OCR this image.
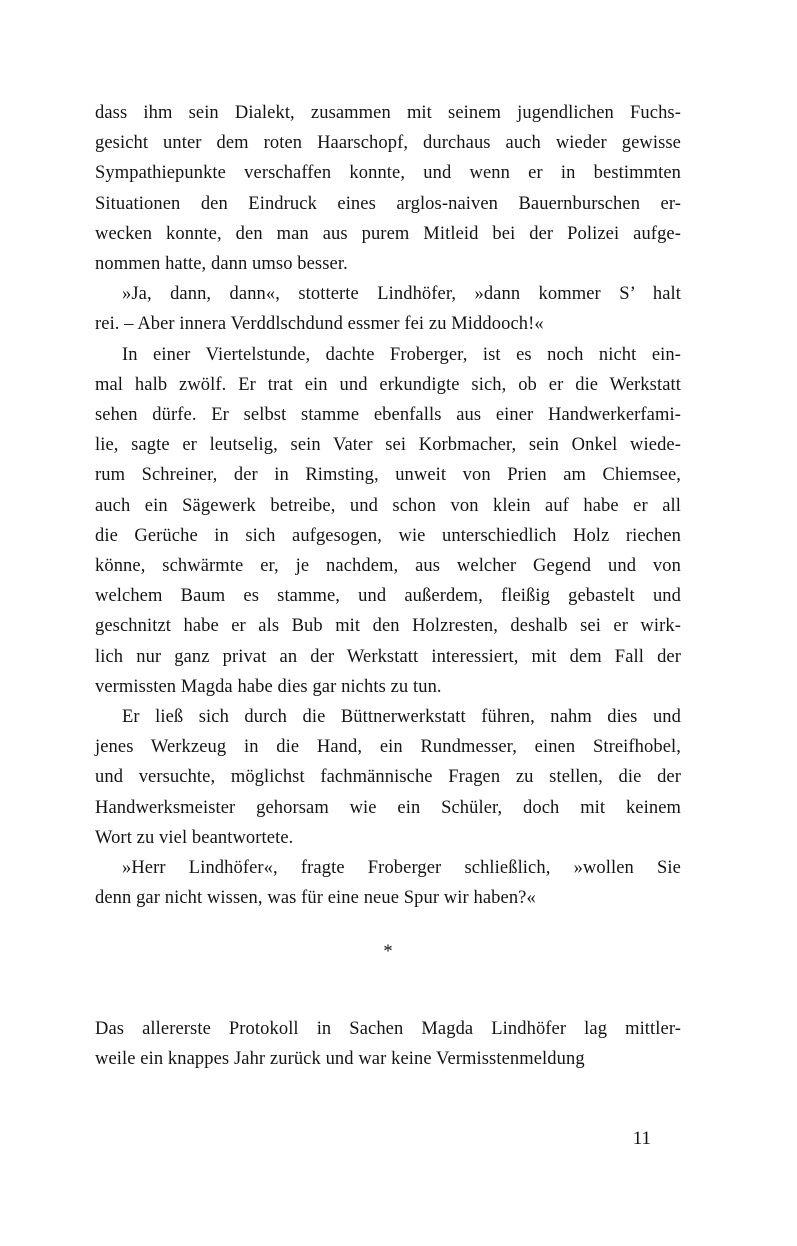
dass ihm sein Dialekt, zusammen mit seinem jugendlichen Fuchs-
gesicht unter dem roten Haarschopf, durchaus auch wieder gewisse
Sympathiepunkte verschaffen konnte, und wenn er in bestimmten
Situationen den Eindruck eines arglos-naiven Bauernburschen er-
wecken konnte, den man aus purem Mitleid bei der Polizei aufge-
nommen hatte, dann umso besser.
»Ja, dann, dann«, stotterte Lindhöfer, »dann kommer S’ halt
rei. – Aber innera Verddlschdund essmer fei zu Middooch!«
In einer Viertelstunde, dachte Froberger, ist es noch nicht ein-
mal halb zwölf. Er trat ein und erkundigte sich, ob er die Werkstatt
sehen dürfe. Er selbst stamme ebenfalls aus einer Handwerkerfami-
lie, sagte er leutselig, sein Vater sei Korbmacher, sein Onkel wiede-
rum Schreiner, der in Rimsting, unweit von Prien am Chiemsee,
auch ein Sägewerk betreibe, und schon von klein auf habe er all
die Gerüche in sich aufgesogen, wie unterschiedlich Holz riechen
könne, schwärmte er, je nachdem, aus welcher Gegend und von
welchem Baum es stamme, und außerdem, fleißig gebastelt und
geschnitzt habe er als Bub mit den Holzresten, deshalb sei er wirk-
lich nur ganz privat an der Werkstatt interessiert, mit dem Fall der
vermissten Magda habe dies gar nichts zu tun.
Er ließ sich durch die Büttnerwerkstatt führen, nahm dies und
jenes Werkzeug in die Hand, ein Rundmesser, einen Streifhobel,
und versuchte, möglichst fachmännische Fragen zu stellen, die der
Handwerksmeister gehorsam wie ein Schüler, doch mit keinem
Wort zu viel beantwortete.
»Herr Lindhöfer«, fragte Froberger schließlich, »wollen Sie
denn gar nicht wissen, was für eine neue Spur wir haben?«
*
Das allererste Protokoll in Sachen Magda Lindhöfer lag mittler-
weile ein knappes Jahr zurück und war keine Vermisstenmeldung
11
